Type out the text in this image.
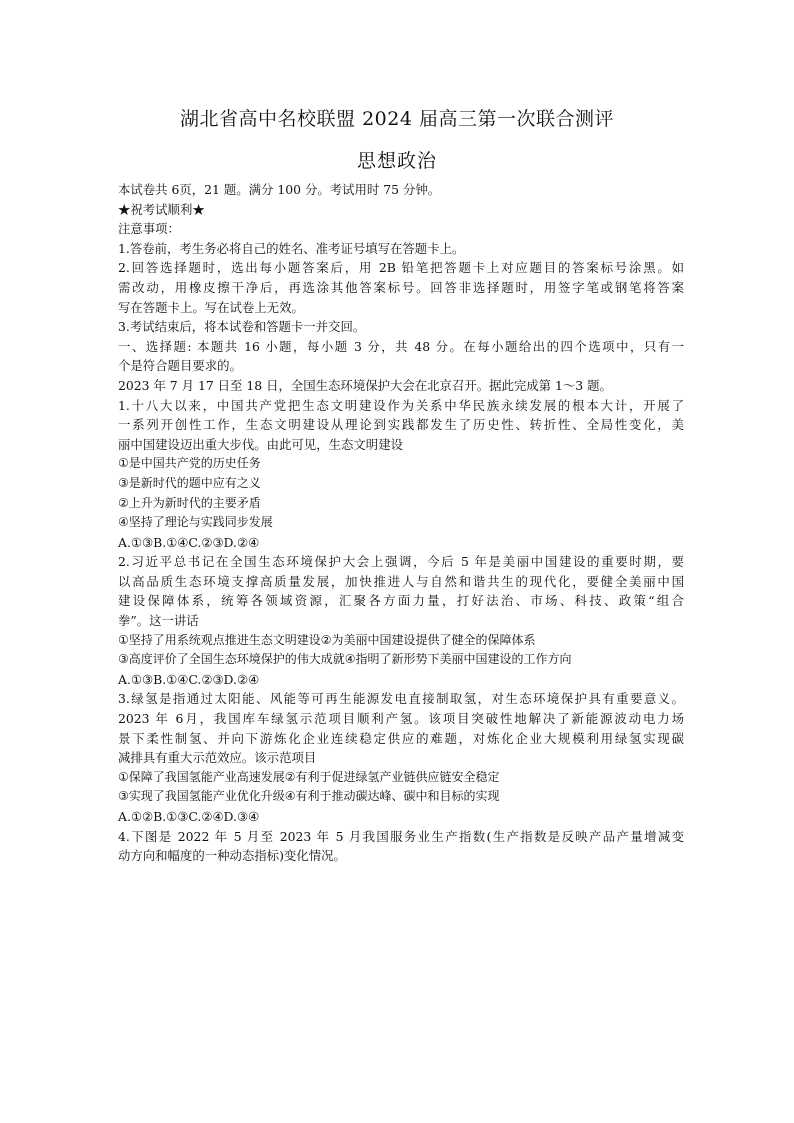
湖北省高中名校联盟 2024 届高三第一次联合测评
思想政治
本试卷共 6页，21 题。满分 100 分。考试用时 75 分钟。
★祝考试顺利★
注意事项：
1.答卷前，考生务必将自己的姓名、准考证号填写在答题卡上。
2.回答选择题时，选出每小题答案后，用 2B 铅笔把答题卡上对应题目的答案标号涂黑。如
需改动，用橡皮擦干净后，再选涂其他答案标号。回答非选择题时，用签字笔或钢笔将答案
写在答题卡上。写在试卷上无效。
3.考试结束后，将本试卷和答题卡一并交回。
一、选择题: 本题共 16 小题，每小题 3 分，共 48 分。在每小题给出的四个选项中，只有一
个是符合题目要求的。
2023 年 7 月 17 日至 18 日，全国生态环境保护大会在北京召开。据此完成第 1～3 题。
1.十八大以来，中国共产党把生态文明建设作为关系中华民族永续发展的根本大计，开展了
一系列开创性工作，生态文明建设从理论到实践都发生了历史性、转折性、全局性变化，美
丽中国建设迈出重大步伐。由此可见，生态文明建设
①是中国共产党的历史任务
③是新时代的题中应有之义
②上升为新时代的主要矛盾
④坚持了理论与实践同步发展
A.①③B.①④C.②③D.②④
2.习近平总书记在全国生态环境保护大会上强调，今后 5 年是美丽中国建设的重要时期，要
以高品质生态环境支撑高质量发展，加快推进人与自然和谐共生的现代化，要健全美丽中国
建设保障体系，统筹各领域资源，汇聚各方面力量，打好法治、市场、科技、政策“组合
拳”。这一讲话
①坚持了用系统观点推进生态文明建设②为美丽中国建设提供了健全的保障体系
③高度评价了全国生态环境保护的伟大成就④指明了新形势下美丽中国建设的工作方向
A.①③B.①④C.②③D.②④
3.绿氢是指通过太阳能、风能等可再生能源发电直接制取氢，对生态环境保护具有重要意义。
2023 年 6月，我国库车绿氢示范项目顺利产氢。该项目突破性地解决了新能源波动电力场
景下柔性制氢、并向下游炼化企业连续稳定供应的难题，对炼化企业大规模利用绿氢实现碳
减排具有重大示范效应。该示范项目
①保障了我国氢能产业高速发展②有利于促进绿氢产业链供应链安全稳定
③实现了我国氢能产业优化升级④有利于推动碳达峰、碳中和目标的实现
A.①②B.①③C.②④D.③④
4.下图是 2022 年 5 月至 2023 年 5 月我国服务业生产指数(生产指数是反映产品产量增减变
动方向和幅度的一种动态指标)变化情况。
